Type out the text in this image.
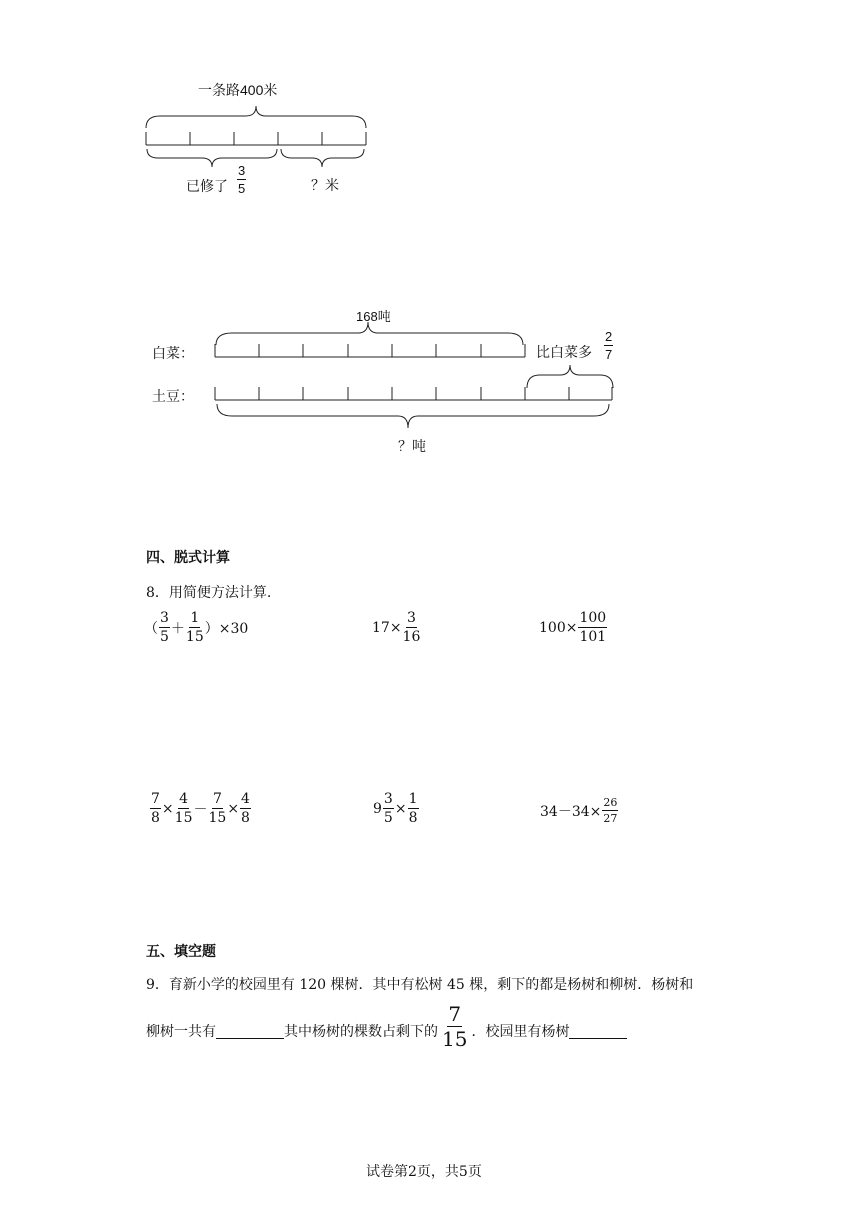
一条路400米
已修了 $\frac{3}{5}$	？米
168吨
白菜：
土豆：
比白菜多 $\frac{2}{7}$
？吨
四、脱式计算
8．用简便方法计算.
（ $\frac{3}{5} + \frac{1}{15} )\times 30$	$17\times \frac{3}{16}$	$100\times \frac{100}{101}$
$\frac{7}{8} \times \frac{4}{15} - \frac{7}{15} \times \frac{4}{8}$	$9 \frac{3}{5} \times \frac{1}{8}$	$34-34\times \frac{26}{27}$
五、填空题
9．育新小学的校园里有 120 棵树．其中有松树 45 棵，剩下的都是杨树和柳树．杨树和
柳树一共有	其中杨树的棵数占剩下的 $\frac{7}{15}$ ．校园里有杨树
试卷第2页，共5页
